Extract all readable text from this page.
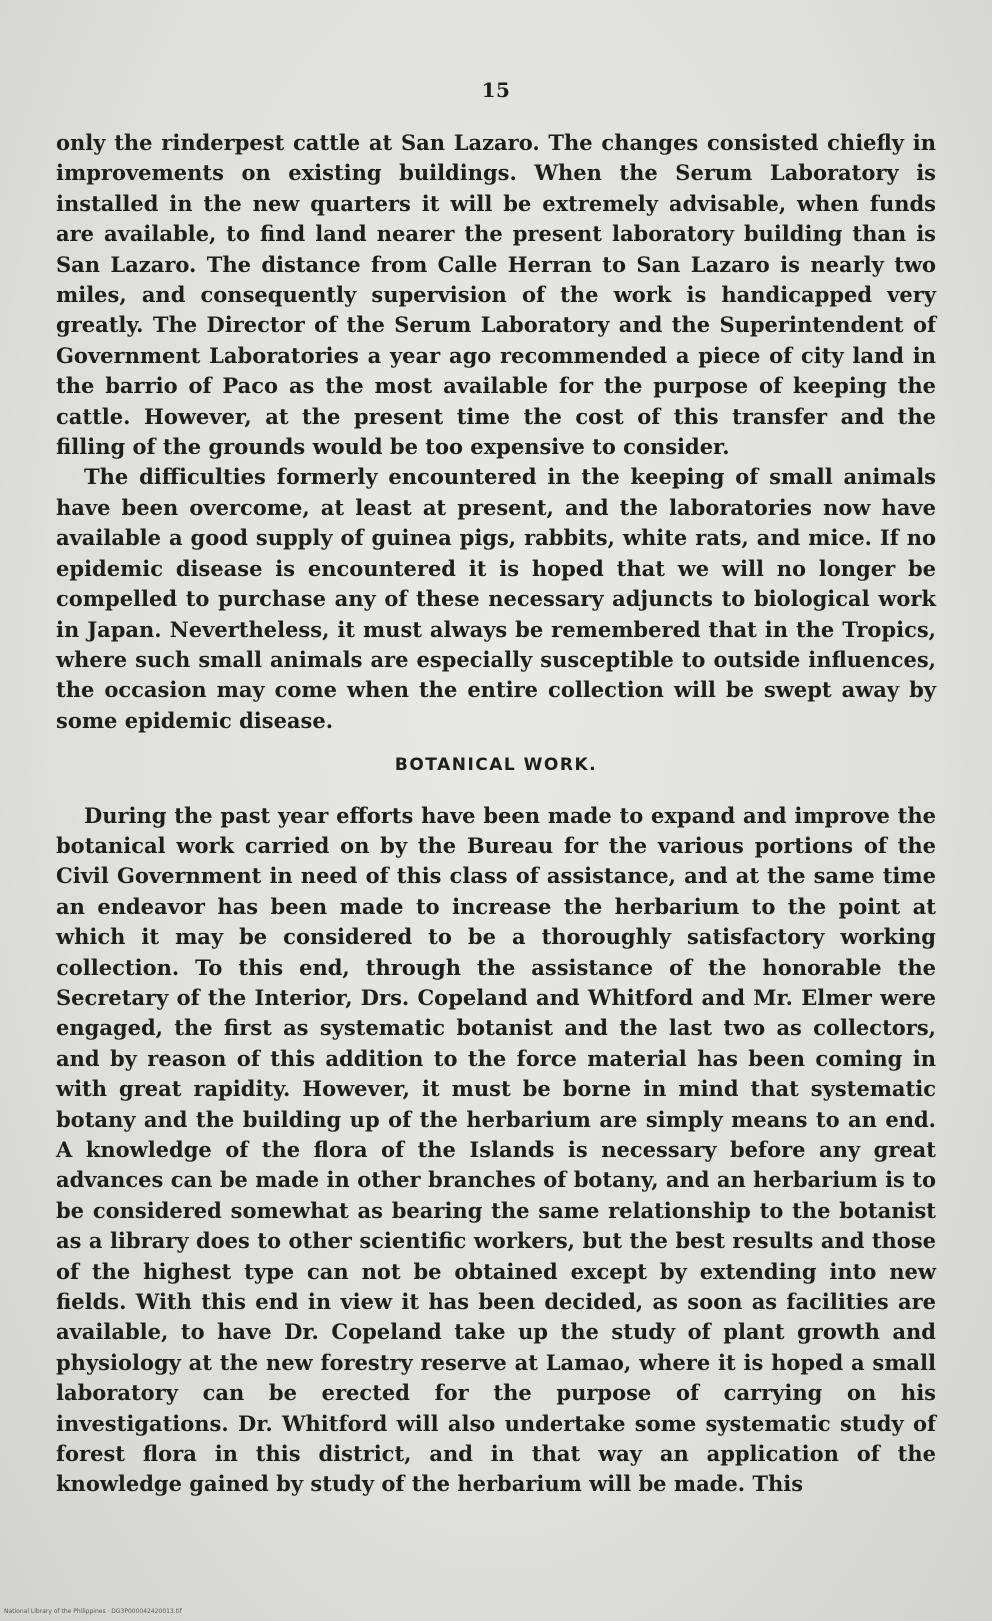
15

only the rinderpest cattle at San Lazaro. The changes consisted chiefly in improvements on existing buildings. When the Serum Laboratory is installed in the new quarters it will be extremely advisable, when funds are available, to find land nearer the present laboratory building than is San Lazaro. The distance from Calle Herran to San Lazaro is nearly two miles, and consequently supervision of the work is handicapped very greatly. The Director of the Serum Laboratory and the Superintendent of Government Laboratories a year ago recommended a piece of city land in the barrio of Paco as the most available for the purpose of keeping the cattle. However, at the present time the cost of this transfer and the filling of the grounds would be too expensive to consider.

The difficulties formerly encountered in the keeping of small animals have been overcome, at least at present, and the laboratories now have available a good supply of guinea pigs, rabbits, white rats, and mice. If no epidemic disease is encountered it is hoped that we will no longer be compelled to purchase any of these necessary adjuncts to biological work in Japan. Nevertheless, it must always be remembered that in the Tropics, where such small animals are especially susceptible to outside influences, the occasion may come when the entire collection will be swept away by some epidemic disease.

BOTANICAL WORK.

During the past year efforts have been made to expand and improve the botanical work carried on by the Bureau for the various portions of the Civil Government in need of this class of assistance, and at the same time an endeavor has been made to increase the herbarium to the point at which it may be considered to be a thoroughly satisfactory working collection. To this end, through the assistance of the honorable the Secretary of the Interior, Drs. Copeland and Whitford and Mr. Elmer were engaged, the first as systematic botanist and the last two as collectors, and by reason of this addition to the force material has been coming in with great rapidity. However, it must be borne in mind that systematic botany and the building up of the herbarium are simply means to an end. A knowledge of the flora of the Islands is necessary before any great advances can be made in other branches of botany, and an herbarium is to be considered somewhat as bearing the same relationship to the botanist as a library does to other scientific workers, but the best results and those of the highest type can not be obtained except by extending into new fields. With this end in view it has been decided, as soon as facilities are available, to have Dr. Copeland take up the study of plant growth and physiology at the new forestry reserve at Lamao, where it is hoped a small laboratory can be erected for the purpose of carrying on his investigations. Dr. Whitford will also undertake some systematic study of forest flora in this district, and in that way an application of the knowledge gained by study of the herbarium will be made. This

National Library of the Philippines · DG3P000042420013.tif
